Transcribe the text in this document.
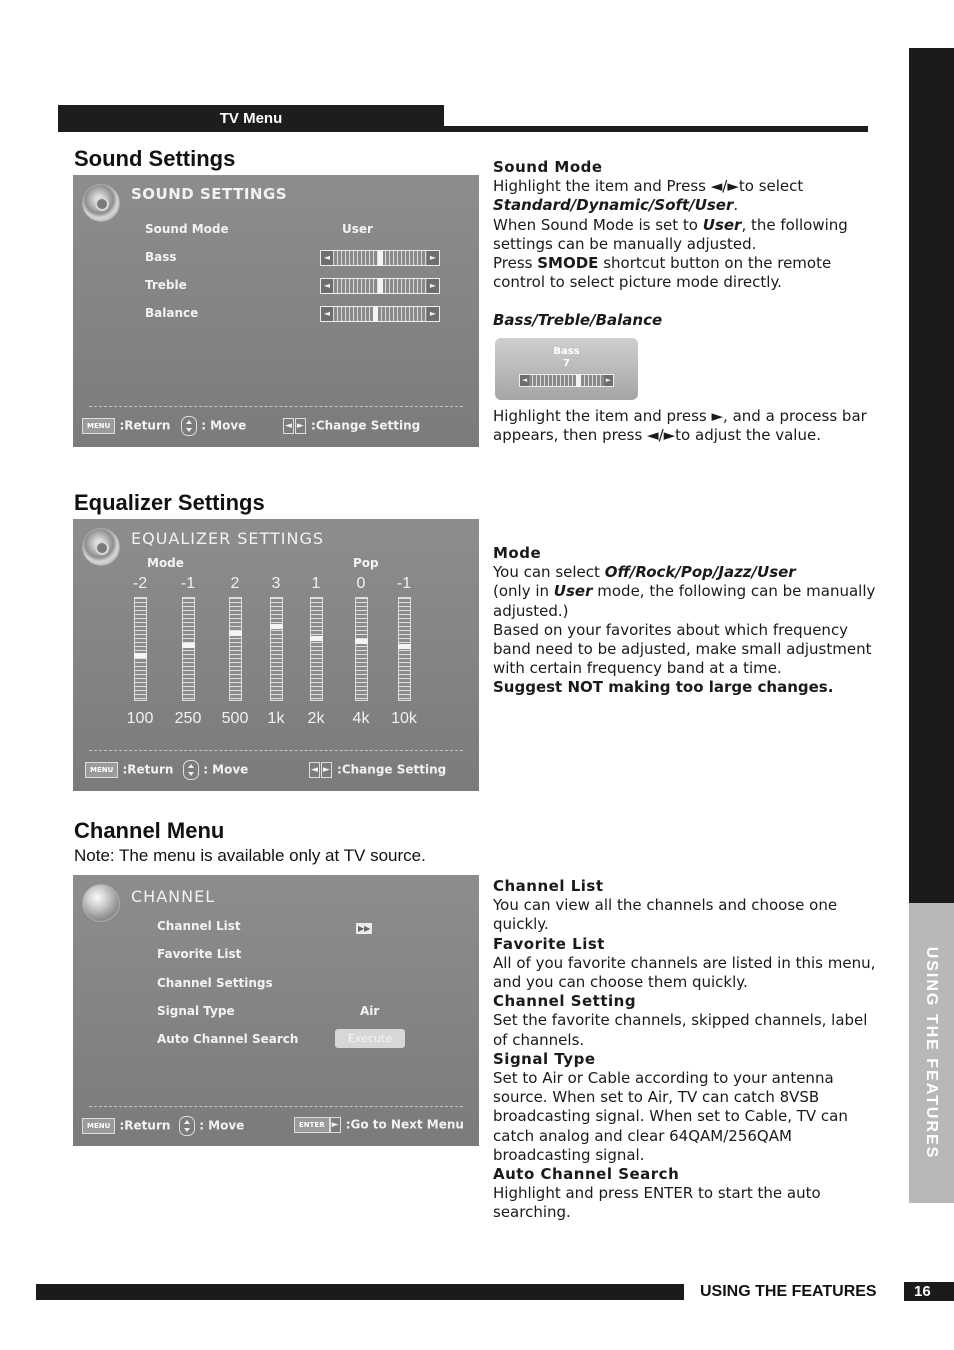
USING THE FEATURES
TV Menu
Sound Settings
SOUND SETTINGS
Sound Mode	User
Bass	◄	►
Treble	◄	►
Balance	◄	►
MENU :Return	: Move	◄ ► :Change Setting

Sound Mode

Highlight the item and Press ◄/►to select

Standard/Dynamic/Soft/User.

When Sound Mode is set to User, the following settings can be manually adjusted.

Press SMODE shortcut button on the remote control to select picture mode directly.

Bass/Treble/Balance

Bass
7
◄	►
Highlight the item and press ►, and a process bar appears, then press ◄/►to adjust the value.
Equalizer Settings
EQUALIZER SETTINGS
Mode	Pop
-2
100
-1
250
2
500
3
1k
1
2k
0
4k
-1
10k
MENU :Return	: Move	◄ ► :Change Setting

Mode

You can select Off/Rock/Pop/Jazz/User

(only in User mode, the following can be manually adjusted.)

Based on your favorites about which frequency band need to be adjusted, make small adjustment with certain frequency band at a time.

Suggest NOT making too large changes.

Channel Menu
Note: The menu is available only at TV source.
CHANNEL
Channel List	▶▶
Favorite List
Channel Settings
Signal Type	Air
Auto Channel Search	Execute
MENU :Return	: Move	ENTER ► :Go to Next Menu

Channel List

You can view all the channels and choose one quickly.

Favorite List

All of you favorite channels are listed in this menu, and you can choose them quickly.

Channel Setting

Set the favorite channels, skipped channels, label of channels.

Signal Type

Set to Air or Cable according to your antenna source. When set to Air, TV can catch 8VSB broadcasting signal. When set to Cable, TV can catch analog and clear 64QAM/256QAM broadcasting signal.

Auto Channel Search

Highlight and press ENTER to start the auto searching.

USING THE FEATURES	16
